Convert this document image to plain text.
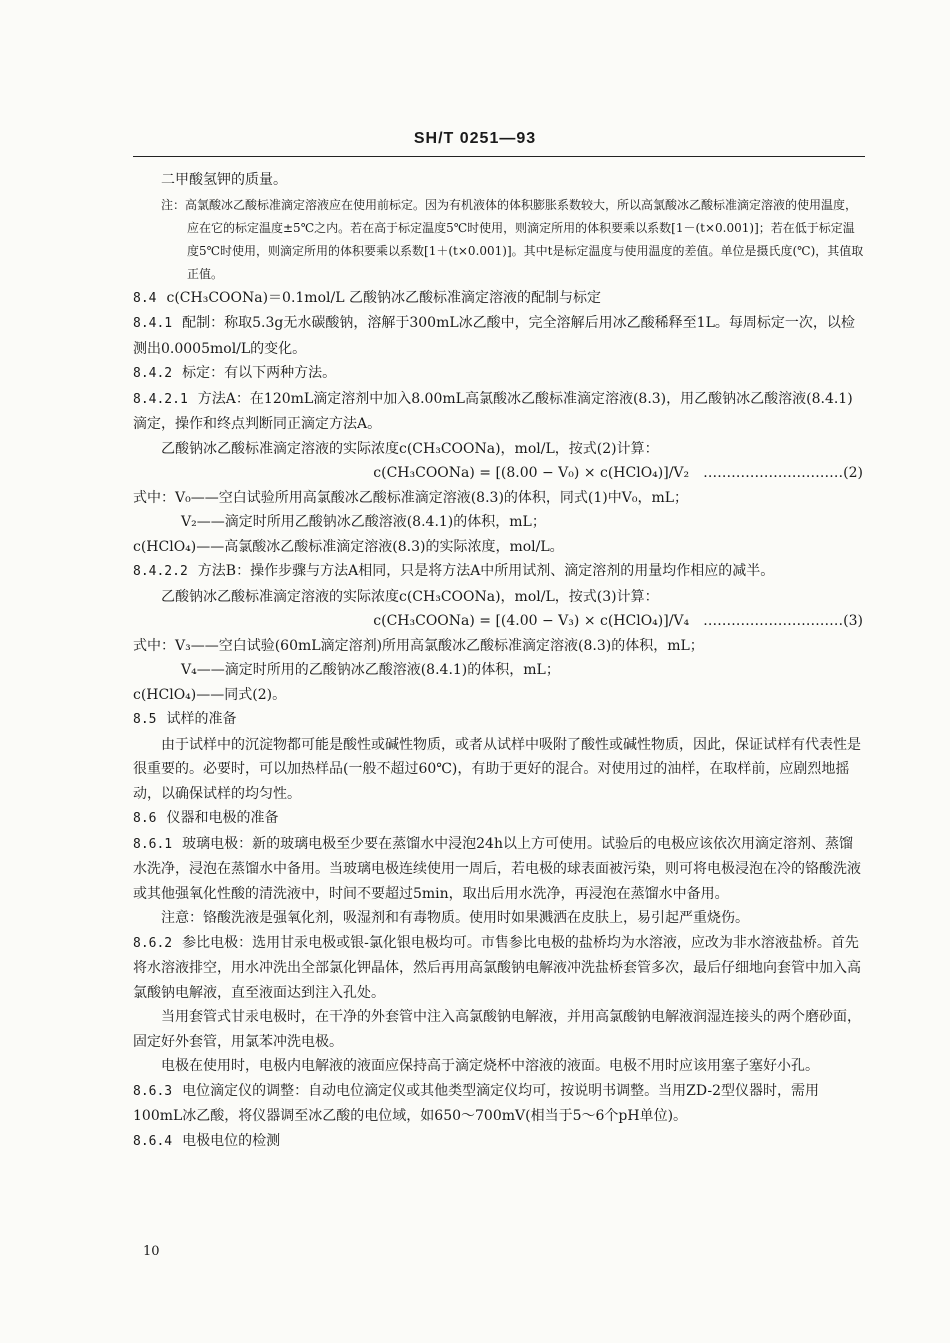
SH/T 0251—93

二甲酸氢钾的质量。

注：高氯酸冰乙酸标准滴定溶液应在使用前标定。因为有机液体的体积膨胀系数较大，所以高氯酸冰乙酸标准滴定溶液的使用温度，应在它的标定温度±5℃之内。若在高于标定温度5℃时使用，则滴定所用的体积要乘以系数[1－(t×0.001)]；若在低于标定温度5℃时使用，则滴定所用的体积要乘以系数[1＋(t×0.001)]。其中t是标定温度与使用温度的差值。单位是摄氏度(℃)，其值取正值。

8.4 c(CH₃COONa)＝0.1mol/L 乙酸钠冰乙酸标准滴定溶液的配制与标定

8.4.1 配制：称取5.3g无水碳酸钠，溶解于300mL冰乙酸中，完全溶解后用冰乙酸稀释至1L。每周标定一次，以检测出0.0005mol/L的变化。

8.4.2 标定：有以下两种方法。

8.4.2.1 方法A：在120mL滴定溶剂中加入8.00mL高氯酸冰乙酸标准滴定溶液(8.3)，用乙酸钠冰乙酸溶液(8.4.1)滴定，操作和终点判断同正滴定方法A。

乙酸钠冰乙酸标准滴定溶液的实际浓度c(CH₃COONa)，mol/L，按式(2)计算：

c(CH₃COONa) = [(8.00 − V₀) × c(HClO₄)]/V₂ …………………………(2)

式中：V₀——空白试验所用高氯酸冰乙酸标准滴定溶液(8.3)的体积，同式(1)中V₀，mL；

V₂——滴定时所用乙酸钠冰乙酸溶液(8.4.1)的体积，mL；

c(HClO₄)——高氯酸冰乙酸标准滴定溶液(8.3)的实际浓度，mol/L。

8.4.2.2 方法B：操作步骤与方法A相同，只是将方法A中所用试剂、滴定溶剂的用量均作相应的减半。

乙酸钠冰乙酸标准滴定溶液的实际浓度c(CH₃COONa)，mol/L，按式(3)计算：

c(CH₃COONa) = [(4.00 − V₃) × c(HClO₄)]/V₄ …………………………(3)

式中：V₃——空白试验(60mL滴定溶剂)所用高氯酸冰乙酸标准滴定溶液(8.3)的体积，mL；

V₄——滴定时所用的乙酸钠冰乙酸溶液(8.4.1)的体积，mL；

c(HClO₄)——同式(2)。

8.5 试样的准备

由于试样中的沉淀物都可能是酸性或碱性物质，或者从试样中吸附了酸性或碱性物质，因此，保证试样有代表性是很重要的。必要时，可以加热样品(一般不超过60℃)，有助于更好的混合。对使用过的油样，在取样前，应剧烈地摇动，以确保试样的均匀性。

8.6 仪器和电极的准备

8.6.1 玻璃电极：新的玻璃电极至少要在蒸馏水中浸泡24h以上方可使用。试验后的电极应该依次用滴定溶剂、蒸馏水洗净，浸泡在蒸馏水中备用。当玻璃电极连续使用一周后，若电极的球表面被污染，则可将电极浸泡在冷的铬酸洗液或其他强氧化性酸的清洗液中，时间不要超过5min，取出后用水洗净，再浸泡在蒸馏水中备用。

注意：铬酸洗液是强氧化剂，吸湿剂和有毒物质。使用时如果溅洒在皮肤上，易引起严重烧伤。

8.6.2 参比电极：选用甘汞电极或银-氯化银电极均可。市售参比电极的盐桥均为水溶液，应改为非水溶液盐桥。首先将水溶液排空，用水冲洗出全部氯化钾晶体，然后再用高氯酸钠电解液冲洗盐桥套管多次，最后仔细地向套管中加入高氯酸钠电解液，直至液面达到注入孔处。

当用套管式甘汞电极时，在干净的外套管中注入高氯酸钠电解液，并用高氯酸钠电解液润湿连接头的两个磨砂面，固定好外套管，用氯苯冲洗电极。

电极在使用时，电极内电解液的液面应保持高于滴定烧杯中溶液的液面。电极不用时应该用塞子塞好小孔。

8.6.3 电位滴定仪的调整：自动电位滴定仪或其他类型滴定仪均可，按说明书调整。当用ZD-2型仪器时，需用100mL冰乙酸，将仪器调至冰乙酸的电位域，如650～700mV(相当于5～6个pH单位)。

8.6.4 电极电位的检测

10
